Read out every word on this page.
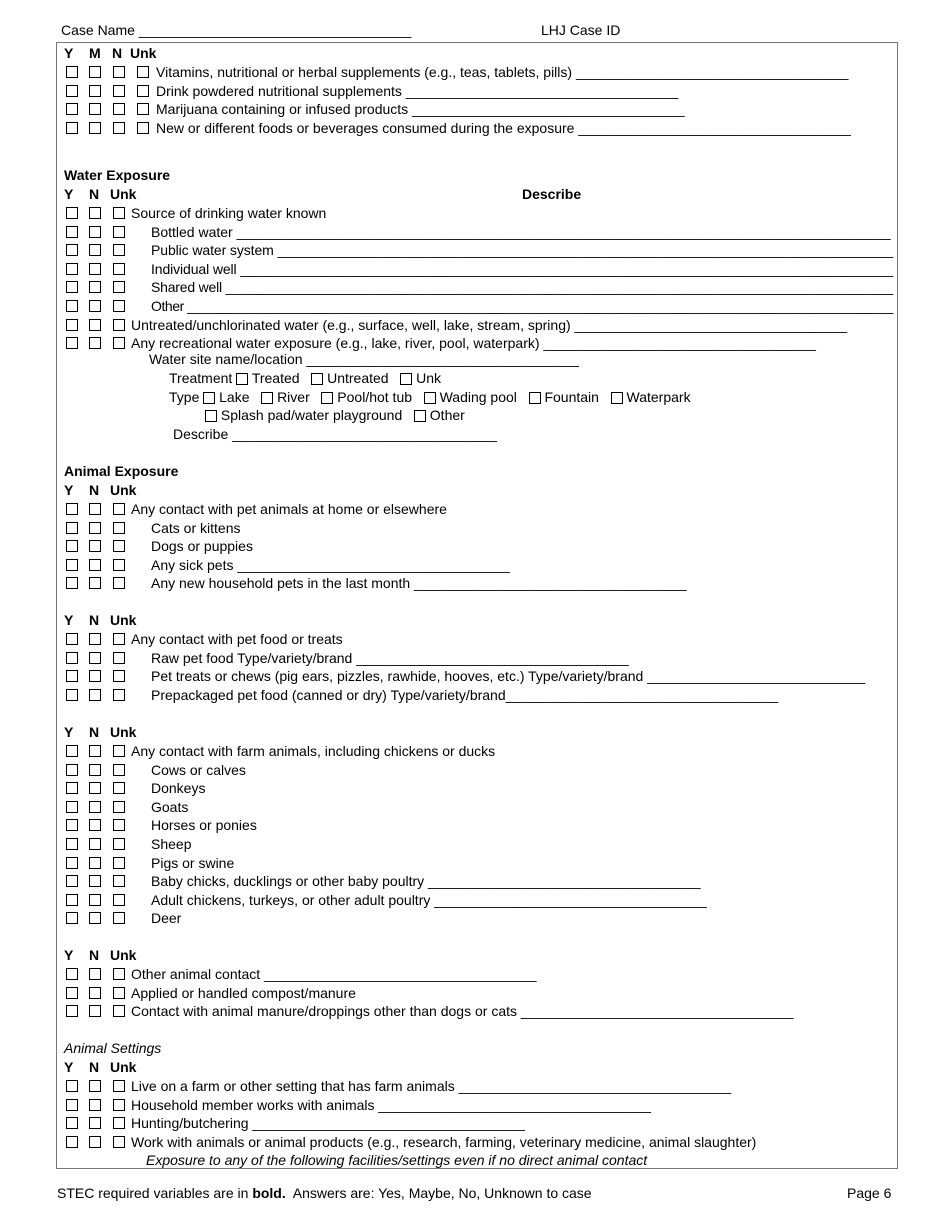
Case Name ___________________________________	LHJ Case ID
Y M N Unk
Vitamins, nutritional or herbal supplements (e.g., teas, tablets, pills) ___________________________________
Drink powdered nutritional supplements ___________________________________
Marijuana containing or infused products ___________________________________
New or different foods or beverages consumed during the exposure ___________________________________
Water Exposure
Y N Unk	Describe
Source of drinking water known
Bottled water ____________________________________________________________________________________
Public water system ________________________________________________________________________________
Individual well _____________________________________________________________________________________
Shared well ________________________________________________________________________________________
Other ________________________________________________________________________________________________
Untreated/unchlorinated water (e.g., surface, well, lake, stream, spring) ___________________________________
Any recreational water exposure (e.g., lake, river, pool, waterpark) ___________________________________
Water site name/location ___________________________________
Treatment Treated Untreated Unk
Type Lake River Pool/hot tub Wading pool Fountain Waterpark
Splash pad/water playground Other
Describe __________________________________
Animal Exposure
Y N Unk
Any contact with pet animals at home or elsewhere
Cats or kittens
Dogs or puppies
Any sick pets ___________________________________
Any new household pets in the last month ___________________________________
Y N Unk
Any contact with pet food or treats
Raw pet food Type/variety/brand ___________________________________
Pet treats or chews (pig ears, pizzles, rawhide, hooves, etc.) Type/variety/brand ____________________________
Prepackaged pet food (canned or dry) Type/variety/brand___________________________________
Y N Unk
Any contact with farm animals, including chickens or ducks
Cows or calves
Donkeys
Goats
Horses or ponies
Sheep
Pigs or swine
Baby chicks, ducklings or other baby poultry ___________________________________
Adult chickens, turkeys, or other adult poultry ___________________________________
Deer
Y N Unk
Other animal contact ___________________________________
Applied or handled compost/manure
Contact with animal manure/droppings other than dogs or cats ___________________________________
Animal Settings
Y N Unk
Live on a farm or other setting that has farm animals ___________________________________
Household member works with animals ___________________________________
Hunting/butchering ___________________________________
Work with animals or animal products (e.g., research, farming, veterinary medicine, animal slaughter)
Exposure to any of the following facilities/settings even if no direct animal contact
STEC required variables are in bold.  Answers are: Yes, Maybe, No, Unknown to case	Page 6
